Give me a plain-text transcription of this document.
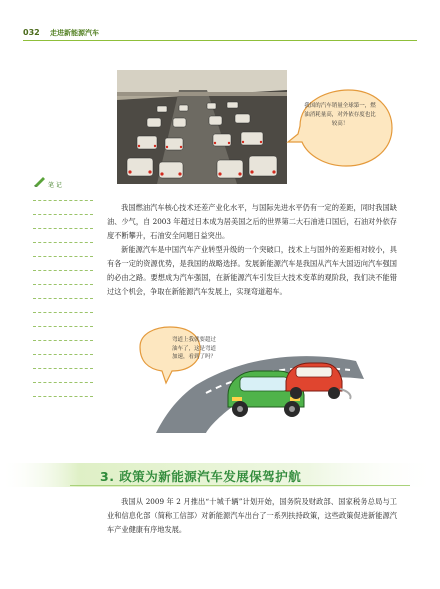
032 走进新能源汽车
我国的汽车销量全球第一，燃油消耗量高，对外依存度也比较高！
笔 记
我国燃油汽车核心技术还差产业化水平，与国际先进水平仍有一定的差距，同时我国缺油、少气，自 2003 年超过日本成为居美国之后的世界第二大石油进口国后，石油对外依存度不断攀升，石油安全问题日益突出。
新能源汽车是中国汽车产业转型升级的一个突破口，技术上与国外的差距相对较小，具有各一定的资源优势，是我国的战略选择。发展新能源汽车是我国从汽车大国迈向汽车强国的必由之路。要想成为汽车强国，在新能源汽车引发巨大技术变革的观阶段，我们决不能错过这个机会，争取在新能源汽车发展上，实现弯道超车。
弯道上我就要超过油车了，这是弯道加速，看到了吗？
3. 政策为新能源汽车发展保驾护航
我国从 2009 年 2 月推出“十城千辆”计划开始，国务院及财政部、国家税务总局与工业和信息化部（简称工信部）对新能源汽车出台了一系列扶持政策，这些政策促进新能源汽车产业健康有序地发展。
